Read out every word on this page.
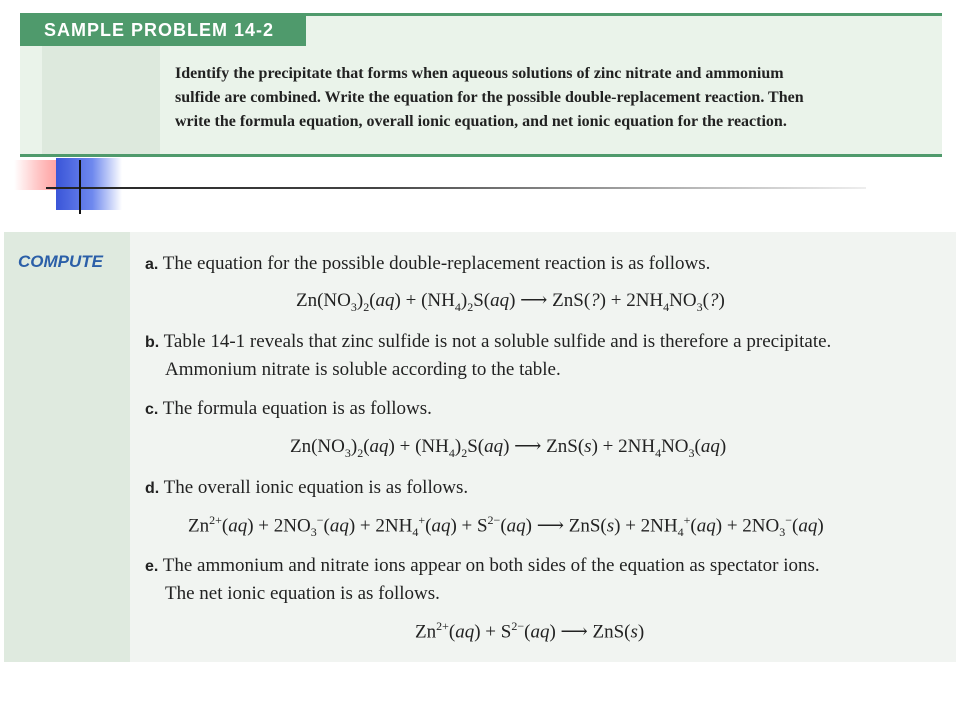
SAMPLE PROBLEM 14-2
Identify the precipitate that forms when aqueous solutions of zinc nitrate and ammonium
sulfide are combined. Write the equation for the possible double-replacement reaction. Then
write the formula equation, overall ionic equation, and net ionic equation for the reaction.
COMPUTE	a. The equation for the possible double-replacement reaction is as follows.
$Zn(NO_3)_2(aq) + (NH_4)_2S(aq)$ ⟶ ZnS(?) + $2NH_4NO_3(?)$
b. Table 14-1 reveals that zinc sulfide is not a soluble sulfide and is therefore a precipitate.
Ammonium nitrate is soluble according to the table.
c. The formula equation is as follows.
$Zn(NO_3)_2(aq) + (NH_4)_2S(aq)$ ⟶ $ZnS(s) + 2NH_4NO_3(aq)$
d. The overall ionic equation is as follows.
$Zn^{2+}(aq) + 2NO_3^-(aq) + 2NH_4^+(aq) + S^{2-}(aq)$ ⟶ $ZnS(s) + 2NH_4^+(aq) + 2NO_3^-(aq)$
e. The ammonium and nitrate ions appear on both sides of the equation as spectator ions.
The net ionic equation is as follows.
$Zn^{2+}(aq) + S^{2-}(aq)$ ⟶ ZnS(s)
